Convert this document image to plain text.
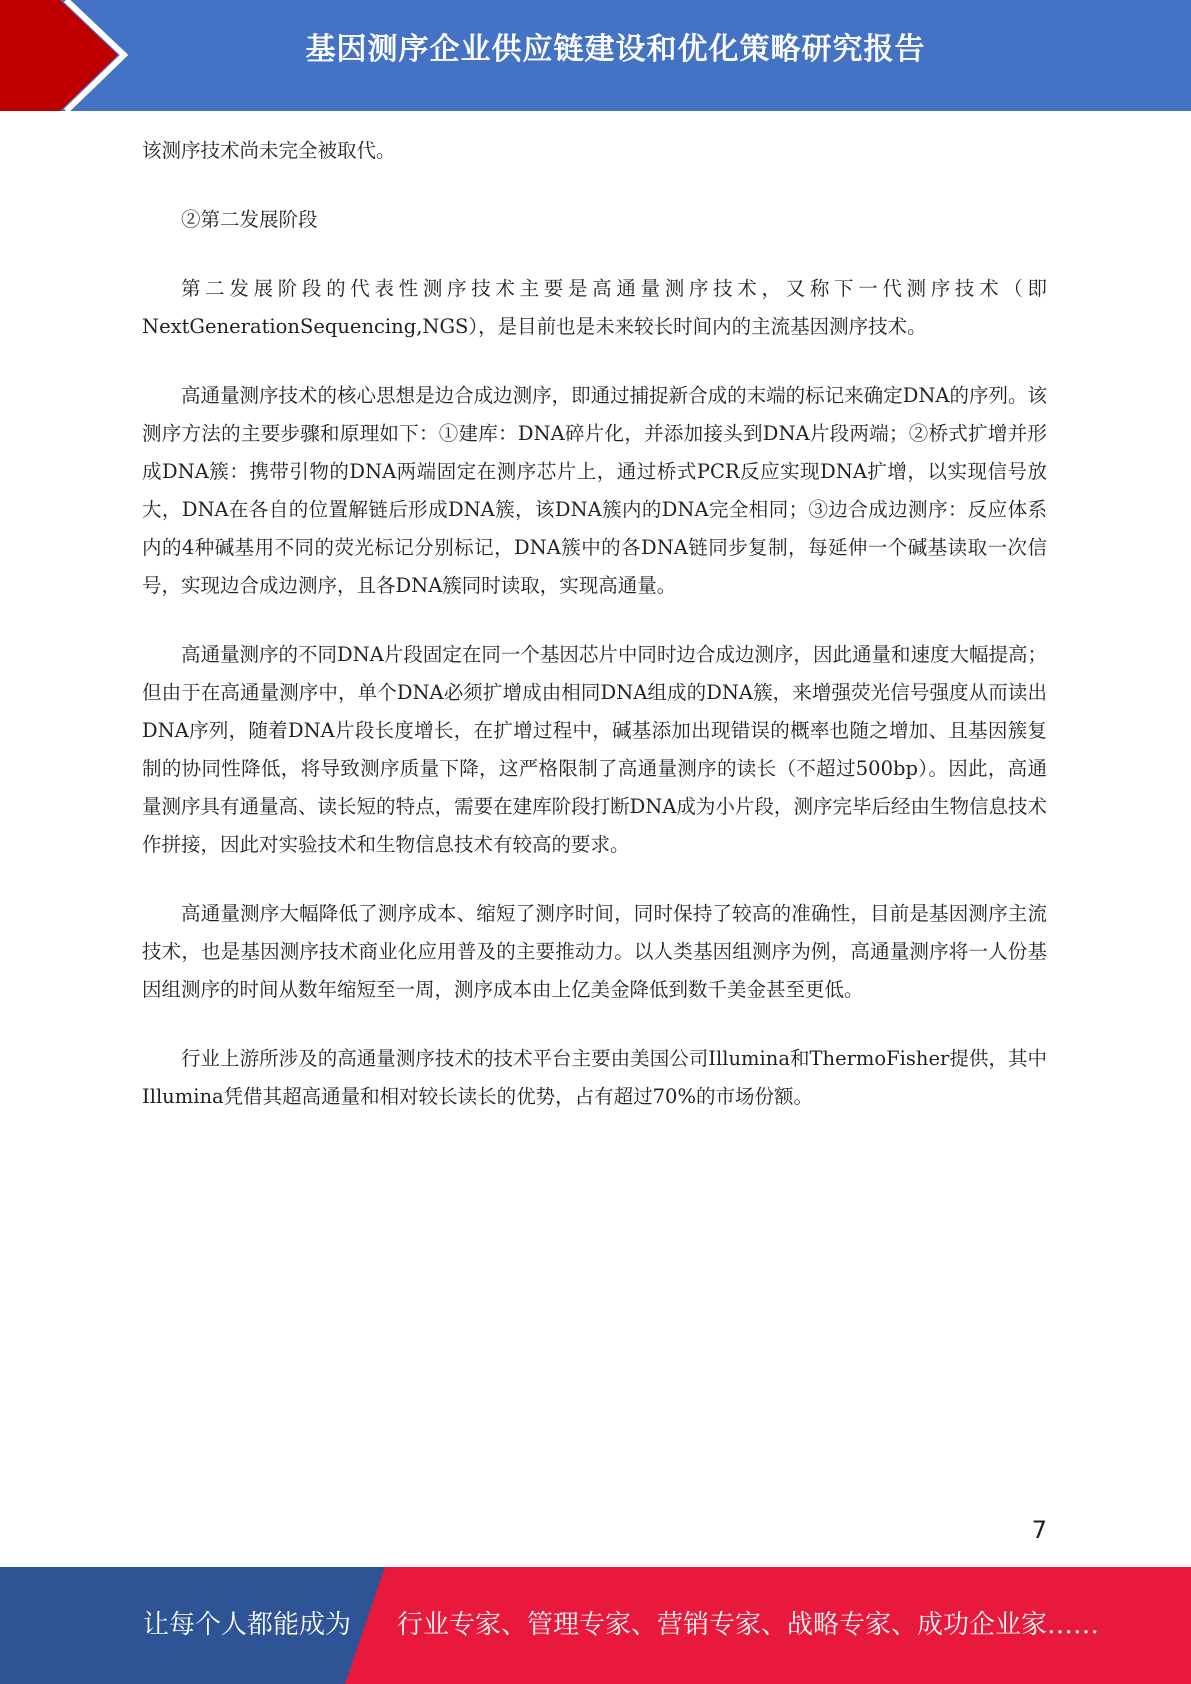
基因测序企业供应链建设和优化策略研究报告

该测序技术尚未完全被取代。

②第二发展阶段

第二发展阶段的代表性测序技术主要是高通量测序技术，又称下一代测序技术（即NextGenerationSequencing,NGS），是目前也是未来较长时间内的主流基因测序技术。

高通量测序技术的核心思想是边合成边测序，即通过捕捉新合成的末端的标记来确定DNA的序列。该测序方法的主要步骤和原理如下：①建库：DNA碎片化，并添加接头到DNA片段两端；②桥式扩增并形成DNA簇：携带引物的DNA两端固定在测序芯片上，通过桥式PCR反应实现DNA扩增，以实现信号放大，DNA在各自的位置解链后形成DNA簇，该DNA簇内的DNA完全相同；③边合成边测序：反应体系内的4种碱基用不同的荧光标记分别标记，DNA簇中的各DNA链同步复制，每延伸一个碱基读取一次信号，实现边合成边测序，且各DNA簇同时读取，实现高通量。

高通量测序的不同DNA片段固定在同一个基因芯片中同时边合成边测序，因此通量和速度大幅提高；但由于在高通量测序中，单个DNA必须扩增成由相同DNA组成的DNA簇，来增强荧光信号强度从而读出DNA序列，随着DNA片段长度增长，在扩增过程中，碱基添加出现错误的概率也随之增加、且基因簇复制的协同性降低，将导致测序质量下降，这严格限制了高通量测序的读长（不超过500bp）。因此，高通量测序具有通量高、读长短的特点，需要在建库阶段打断DNA成为小片段，测序完毕后经由生物信息技术作拼接，因此对实验技术和生物信息技术有较高的要求。

高通量测序大幅降低了测序成本、缩短了测序时间，同时保持了较高的准确性，目前是基因测序主流技术，也是基因测序技术商业化应用普及的主要推动力。以人类基因组测序为例，高通量测序将一人份基因组测序的时间从数年缩短至一周，测序成本由上亿美金降低到数千美金甚至更低。

行业上游所涉及的高通量测序技术的技术平台主要由美国公司Illumina和ThermoFisher提供，其中Illumina凭借其超高通量和相对较长读长的优势，占有超过70%的市场份额。

7
让每个人都能成为 行业专家、管理专家、营销专家、战略专家、成功企业家……
